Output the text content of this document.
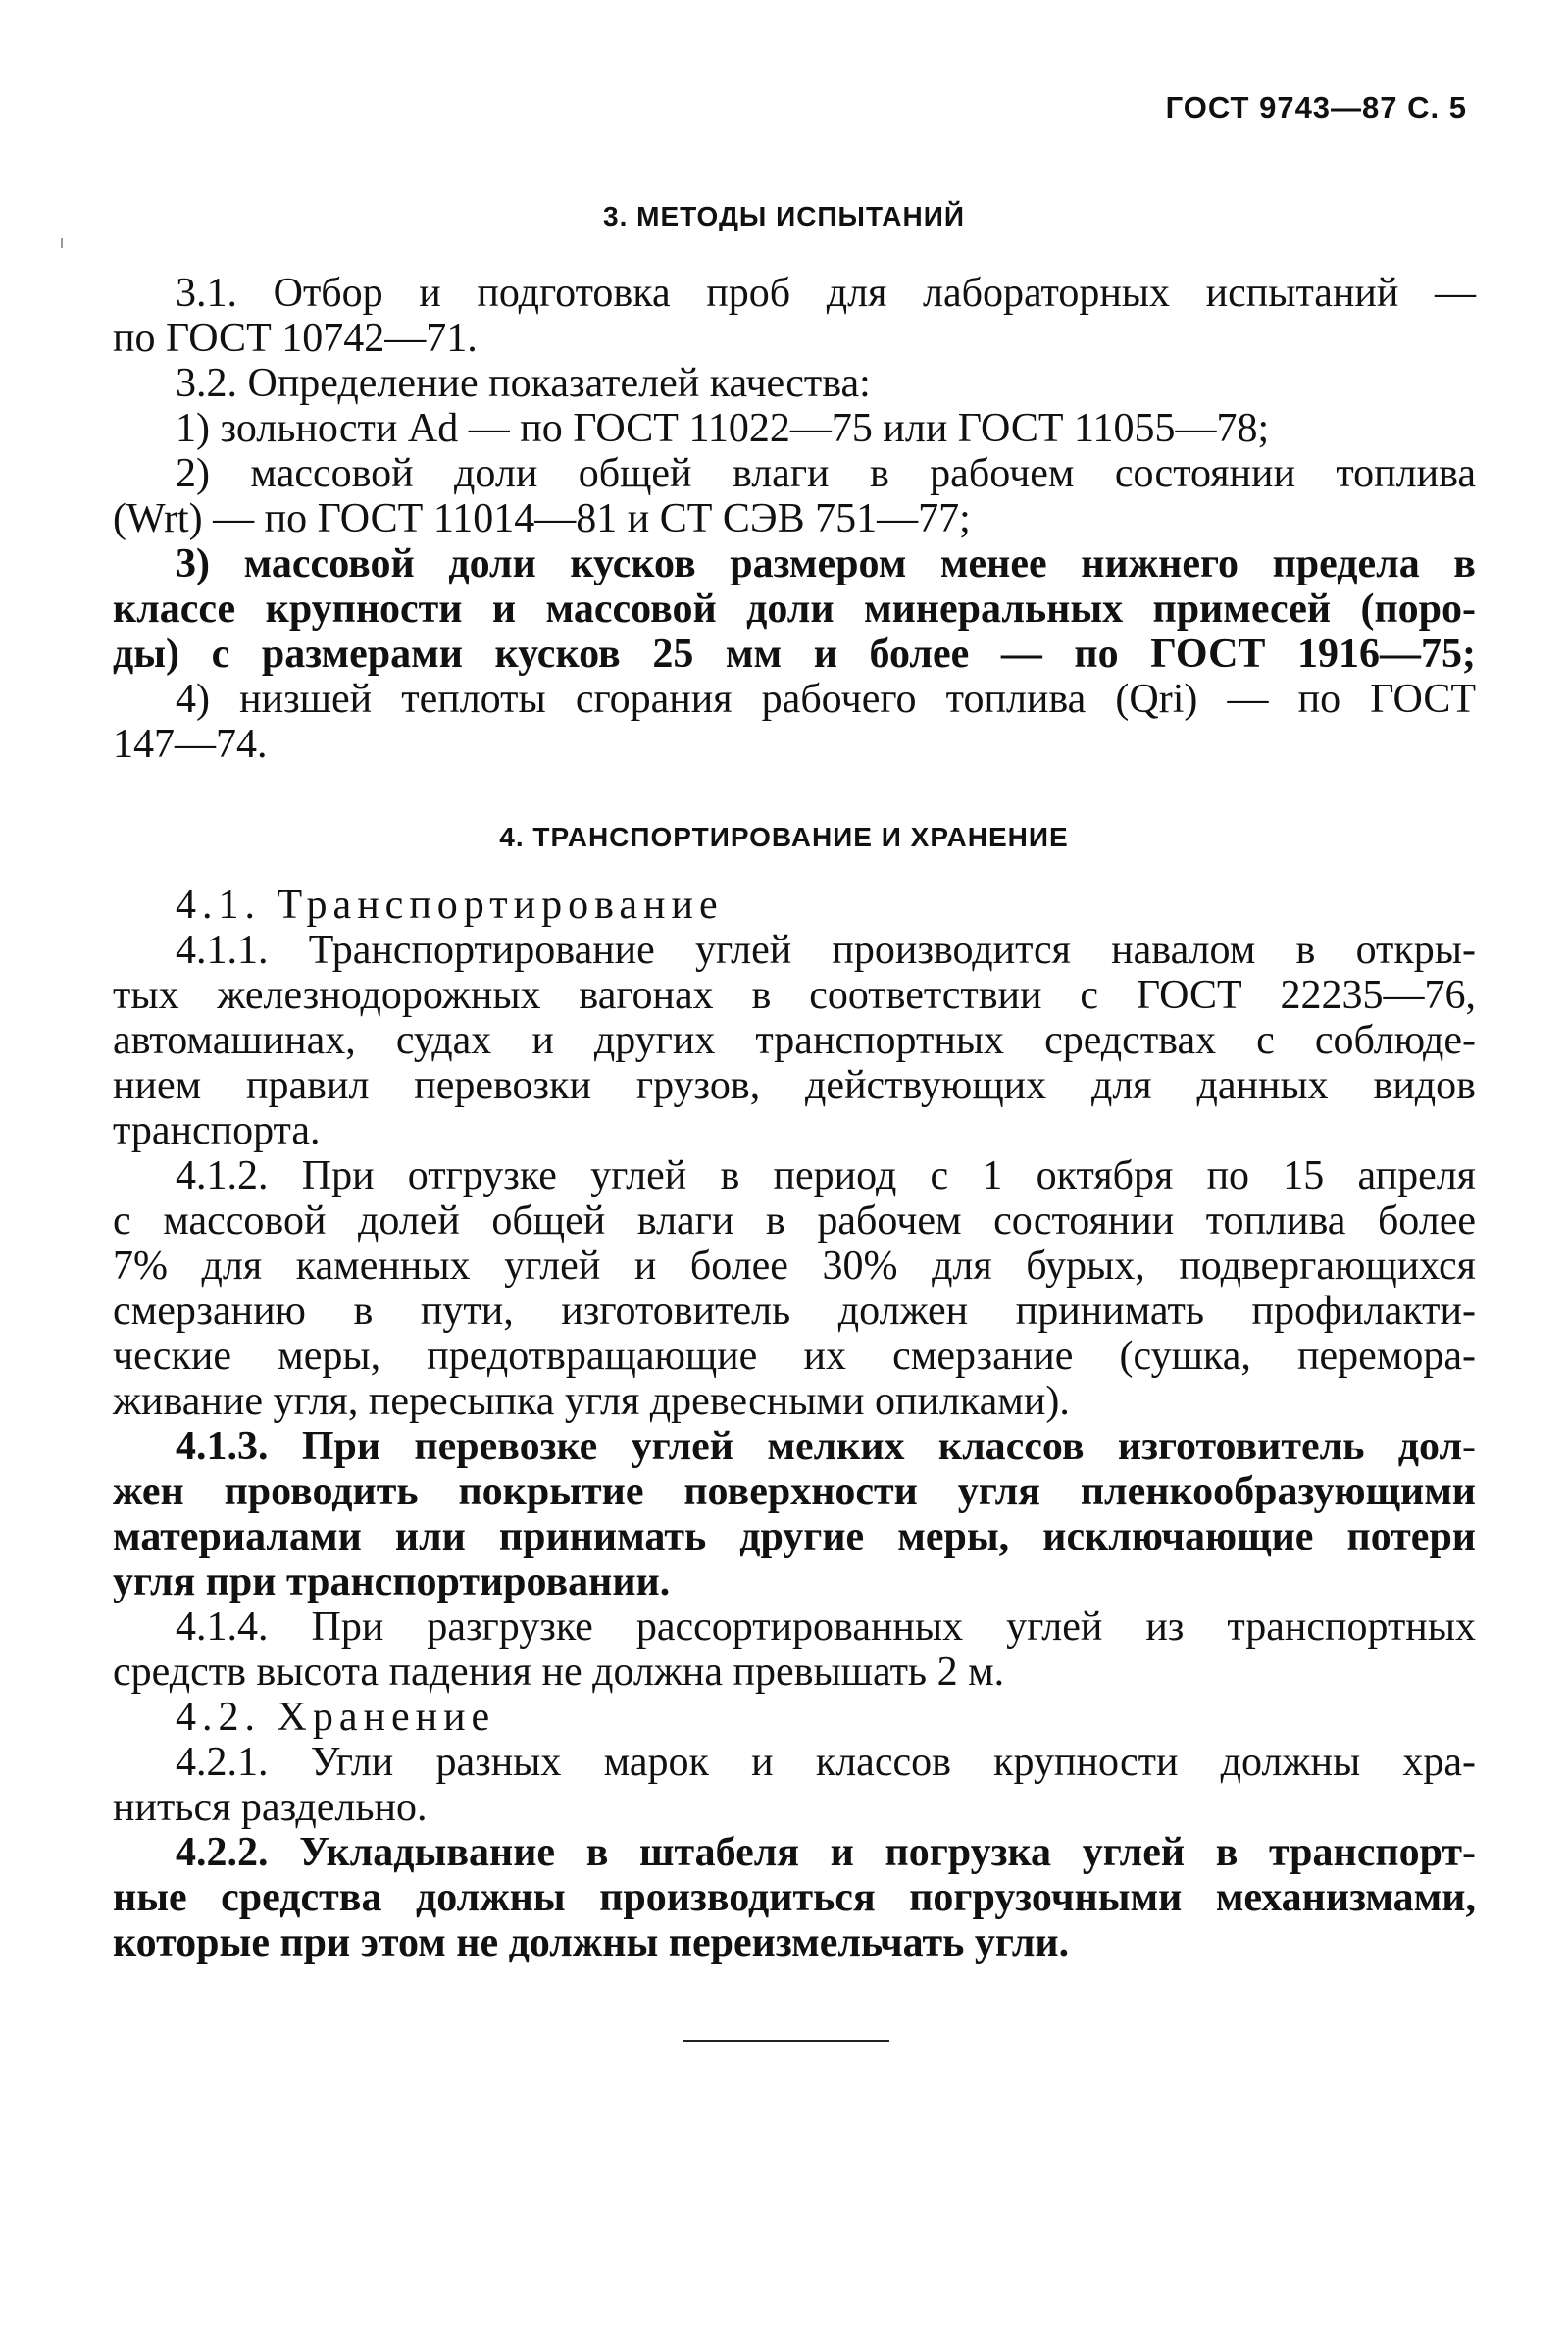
ГОСТ 9743—87 С. 5
3. МЕТОДЫ ИСПЫТАНИЙ
3.1. Отбор и подготовка проб для лабораторных испытаний —
по ГОСТ 10742—71.
3.2. Определение показателей качества:
1) зольности Ad — по ГОСТ 11022—75 или ГОСТ 11055—78;
2) массовой доли общей влаги в рабочем состоянии топлива
(Wrt) — по ГОСТ 11014—81 и СТ СЭВ 751—77;
3) массовой доли кусков размером менее нижнего предела в
классе крупности и массовой доли минеральных примесей (поро-
ды) с размерами кусков 25 мм и более — по ГОСТ 1916—75;
4) низшей теплоты сгорания рабочего топлива (Qri) — по ГОСТ
147—74.
4. ТРАНСПОРТИРОВАНИЕ И ХРАНЕНИЕ
4.1. Транспортирование
4.1.1. Транспортирование углей производится навалом в откры-
тых железнодорожных вагонах в соответствии с ГОСТ 22235—76,
автомашинах, судах и других транспортных средствах с соблюде-
нием правил перевозки грузов, действующих для данных видов
транспорта.
4.1.2. При отгрузке углей в период с 1 октября по 15 апреля
с массовой долей общей влаги в рабочем состоянии топлива более
7% для каменных углей и более 30% для бурых, подвергающихся
смерзанию в пути, изготовитель должен принимать профилакти-
ческие меры, предотвращающие их смерзание (сушка, перемора-
живание угля, пересыпка угля древесными опилками).
4.1.3. При перевозке углей мелких классов изготовитель дол-
жен проводить покрытие поверхности угля пленкообразующими
материалами или принимать другие меры, исключающие потери
угля при транспортировании.
4.1.4. При разгрузке рассортированных углей из транспортных
средств высота падения не должна превышать 2 м.
4.2. Хранение
4.2.1. Угли разных марок и классов крупности должны хра-
ниться раздельно.
4.2.2. Укладывание в штабеля и погрузка углей в транспорт-
ные средства должны производиться погрузочными механизмами,
которые при этом не должны переизмельчать угли.
